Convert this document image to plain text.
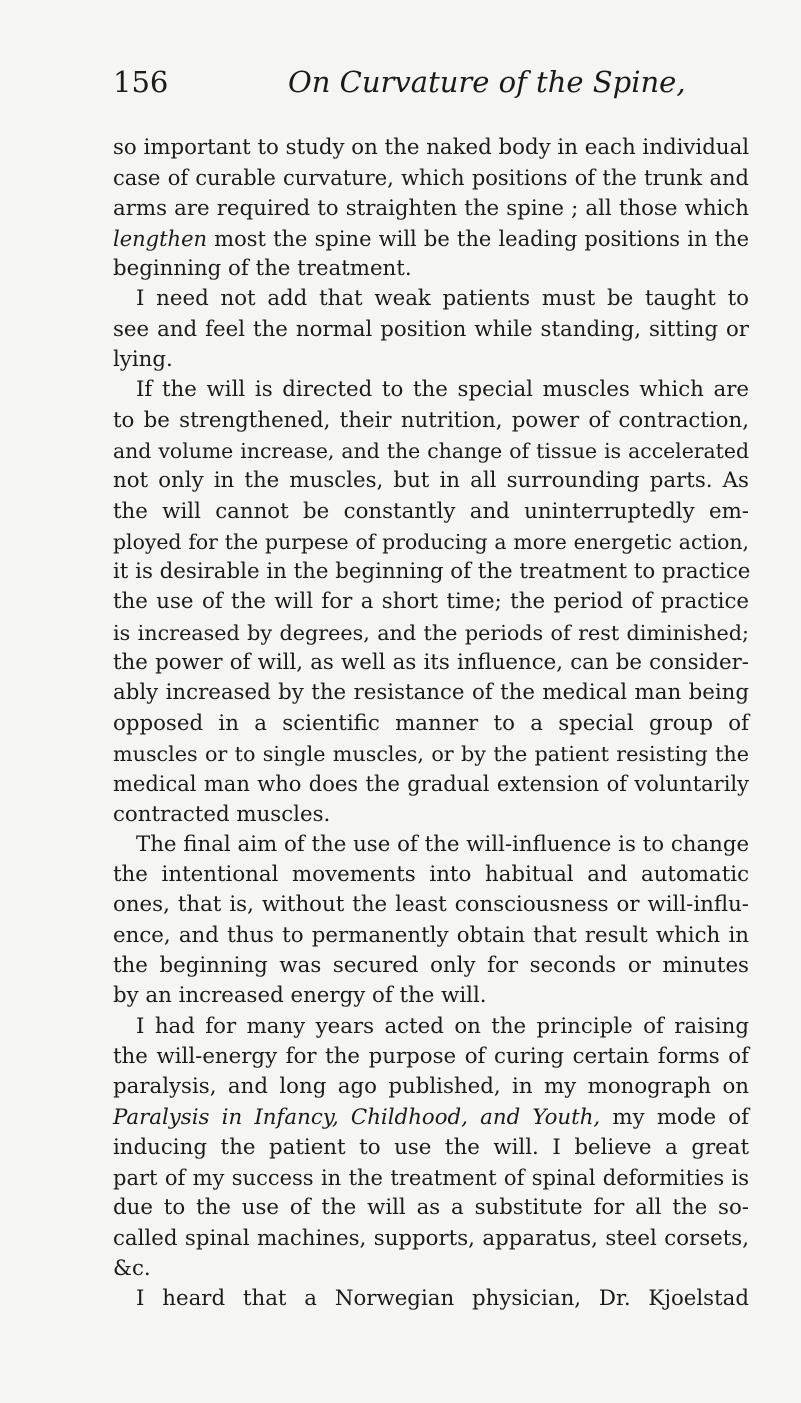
156	On Curvature of the Spine,
so important to study on the naked body in each individual
case of curable curvature, which positions of the trunk and
arms are required to straighten the spine ; all those which
lengthen most the spine will be the leading positions in the
beginning of the treatment.
I need not add that weak patients must be taught to
see and feel the normal position while standing, sitting or
lying.
If the will is directed to the special muscles which are
to be strengthened, their nutrition, power of contraction,
and volume increase, and the change of tissue is accelerated
not only in the muscles, but in all surrounding parts. As
the will cannot be constantly and uninterruptedly em-
ployed for the purpese of producing a more energetic action,
it is desirable in the beginning of the treatment to practice
the use of the will for a short time; the period of practice
is increased by degrees, and the periods of rest diminished;
the power of will, as well as its influence, can be consider-
ably increased by the resistance of the medical man being
opposed in a scientific manner to a special group of
muscles or to single muscles, or by the patient resisting the
medical man who does the gradual extension of voluntarily
contracted muscles.
The final aim of the use of the will-influence is to change
the intentional movements into habitual and automatic
ones, that is, without the least consciousness or will-influ-
ence, and thus to permanently obtain that result which in
the beginning was secured only for seconds or minutes
by an increased energy of the will.
I had for many years acted on the principle of raising
the will-energy for the purpose of curing certain forms of
paralysis, and long ago published, in my monograph on
Paralysis in Infancy, Childhood, and Youth, my mode of
inducing the patient to use the will. I believe a great
part of my success in the treatment of spinal deformities is
due to the use of the will as a substitute for all the so-
called spinal machines, supports, apparatus, steel corsets,
&c.
I heard that a Norwegian physician, Dr. Kjoelstad
